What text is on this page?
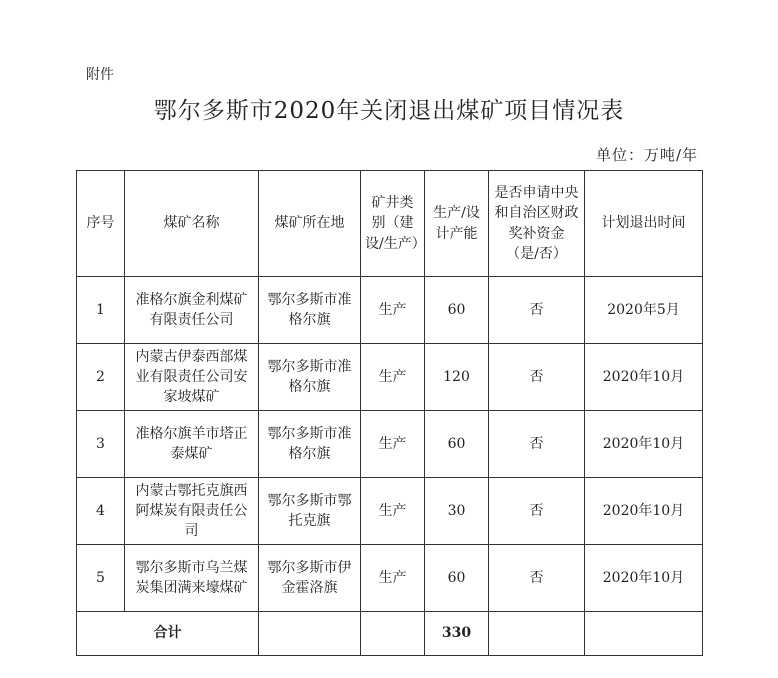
附件
鄂尔多斯市2020年关闭退出煤矿项目情况表
单位：万吨/年
序号	煤矿名称	煤矿所在地	矿井类别（建设/生产）	生产/设计产能	是否申请中央和自治区财政奖补资金（是/否）	计划退出时间
1	准格尔旗金利煤矿有限责任公司	鄂尔多斯市准格尔旗	生产	60	否	2020年5月
2	内蒙古伊泰西部煤业有限责任公司安家坡煤矿	鄂尔多斯市准格尔旗	生产	120	否	2020年10月
3	准格尔旗羊市塔正泰煤矿	鄂尔多斯市准格尔旗	生产	60	否	2020年10月
4	内蒙古鄂托克旗西阿煤炭有限责任公司	鄂尔多斯市鄂托克旗	生产	30	否	2020年10月
5	鄂尔多斯市乌兰煤炭集团满来壕煤矿	鄂尔多斯市伊金霍洛旗	生产	60	否	2020年10月
合计				330		
